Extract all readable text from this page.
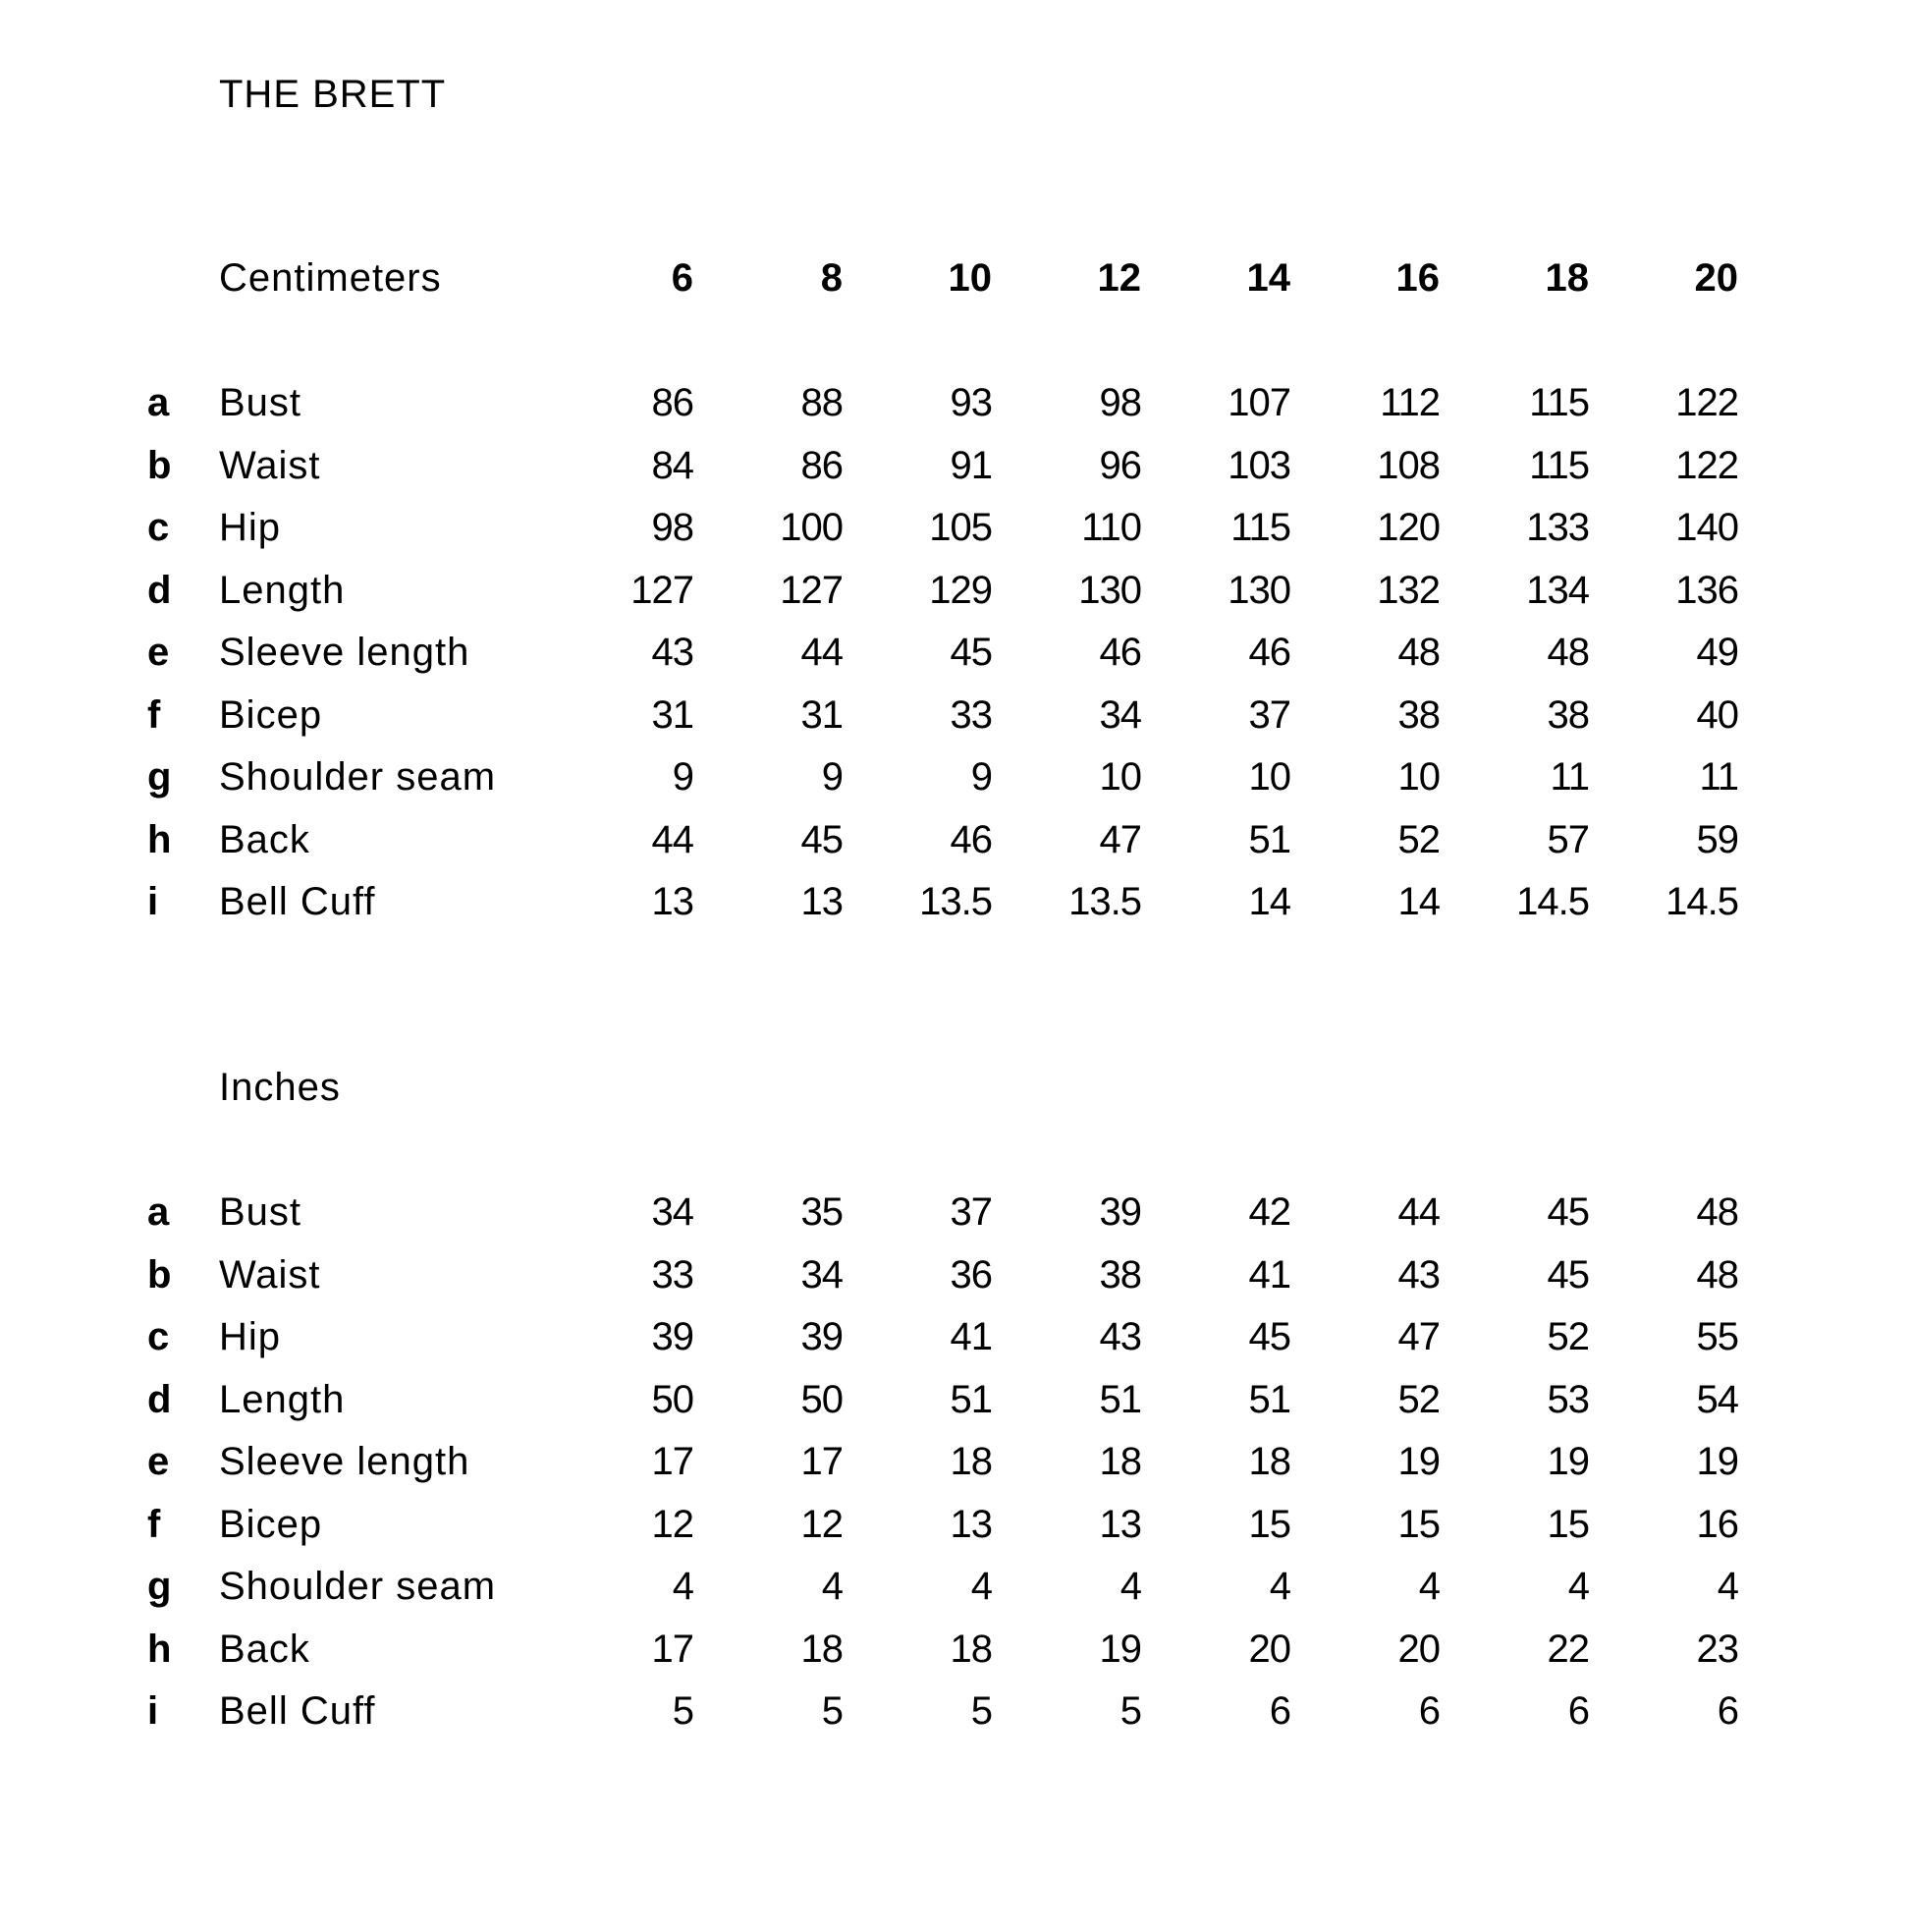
THE BRETT
Centimeters	6	8	10	12	14	16	18	20
a	Bust	86	88	93	98	107	112	115	122
b	Waist	84	86	91	96	103	108	115	122
c	Hip	98	100	105	110	115	120	133	140
d	Length	127	127	129	130	130	132	134	136
e	Sleeve length	43	44	45	46	46	48	48	49
f	Bicep	31	31	33	34	37	38	38	40
g	Shoulder seam	9	9	9	10	10	10	11	11
h	Back	44	45	46	47	51	52	57	59
i	Bell Cuff	13	13	13.5	13.5	14	14	14.5	14.5
Inches
a	Bust	34	35	37	39	42	44	45	48
b	Waist	33	34	36	38	41	43	45	48
c	Hip	39	39	41	43	45	47	52	55
d	Length	50	50	51	51	51	52	53	54
e	Sleeve length	17	17	18	18	18	19	19	19
f	Bicep	12	12	13	13	15	15	15	16
g	Shoulder seam	4	4	4	4	4	4	4	4
h	Back	17	18	18	19	20	20	22	23
i	Bell Cuff	5	5	5	5	6	6	6	6
